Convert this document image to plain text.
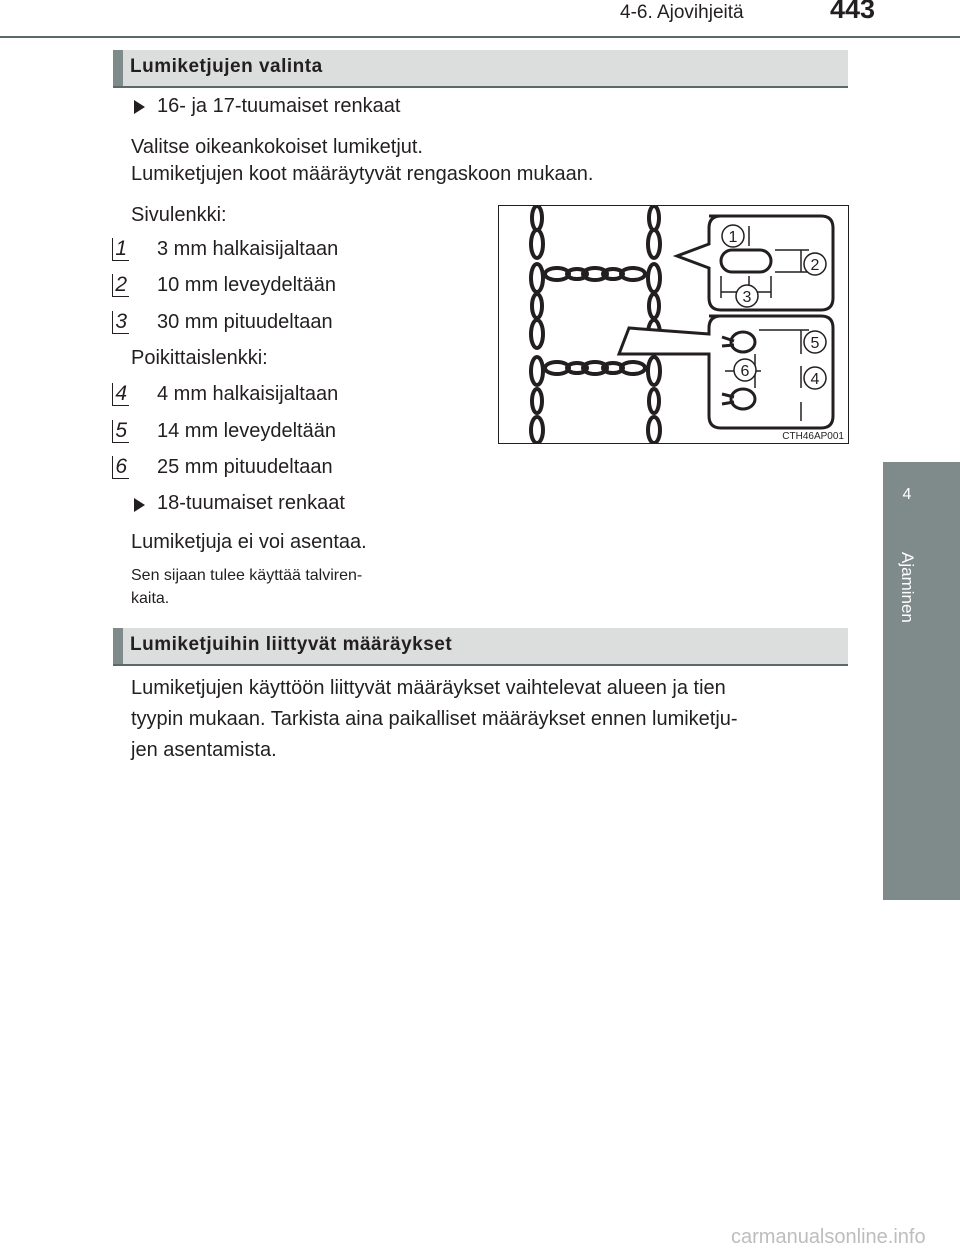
4-6. Ajovihjeitä	443
4
Ajaminen
Lumiketjujen valinta
16- ja 17-tuumaiset renkaat
Valitse oikeankokoiset lumiketjut.
Lumiketjujen koot määräytyvät rengaskoon mukaan.
Sivulenkki:
1 3 mm halkaisijaltaan
2 10 mm leveydeltään
3 30 mm pituudeltaan
Poikittaislenkki:
4 4 mm halkaisijaltaan
5 14 mm leveydeltään
6 25 mm pituudeltaan
18-tuumaiset renkaat
Lumiketjuja ei voi asentaa.
Sen sijaan tulee käyttää talviren-
kaita.
1
2
3
4
5
6
CTH46AP001
Lumiketjuihin liittyvät määräykset
Lumiketjujen käyttöön liittyvät määräykset vaihtelevat alueen ja tien
tyypin mukaan. Tarkista aina paikalliset määräykset ennen lumiketju-
jen asentamista.
carmanualsonline.info
